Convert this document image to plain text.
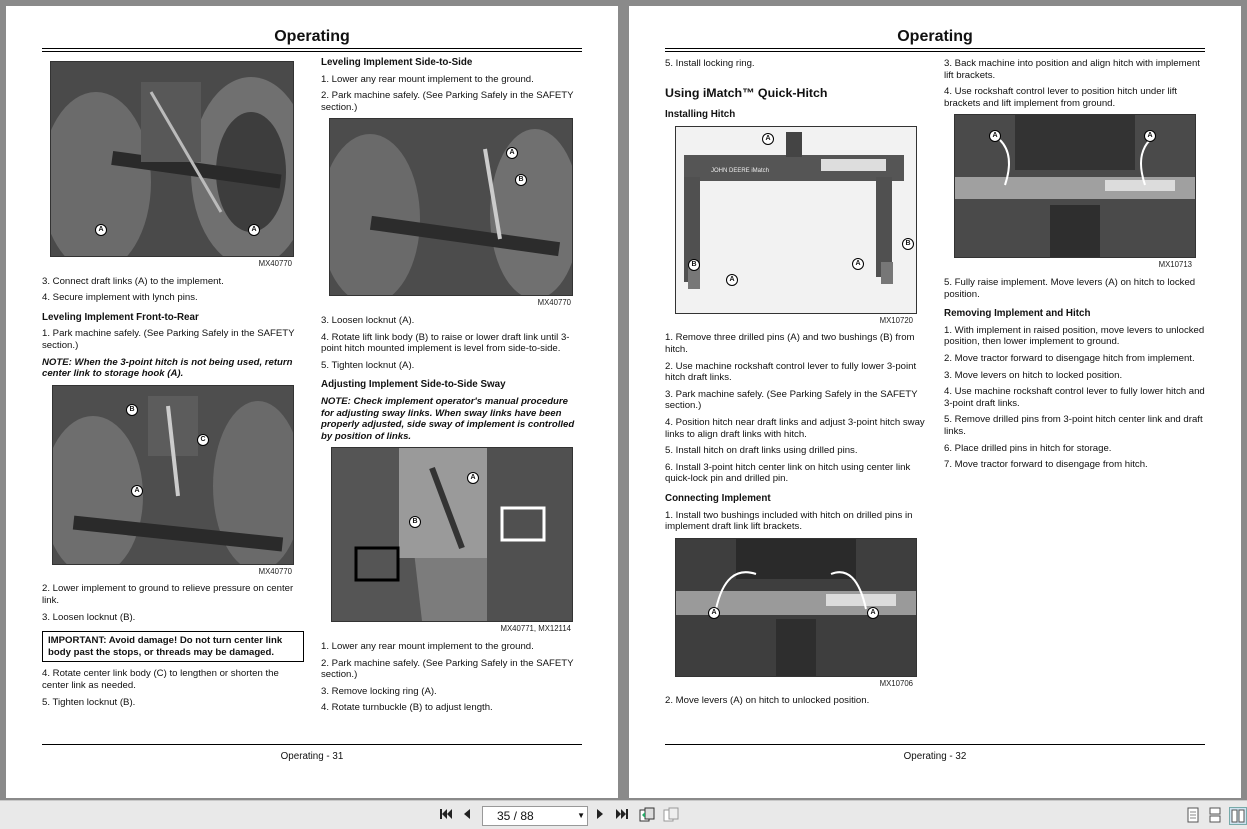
Operating
A	A
MX40770

3. Connect draft links (A) to the implement.

4. Secure implement with lynch pins.

Leveling Implement Front-to-Rear

1. Park machine safely. (See Parking Safely in the SAFETY section.)

NOTE: When the 3-point hitch is not being used, return center link to storage hook (A).

B
C
A
MX40770

2. Lower implement to ground to relieve pressure on center link.

3. Loosen locknut (B).

IMPORTANT: Avoid damage! Do not turn center link body past the stops, or threads may be damaged.

4. Rotate center link body (C) to lengthen or shorten the center link as needed.

5. Tighten locknut (B).

Leveling Implement Side-to-Side

1. Lower any rear mount implement to the ground.

2. Park machine safely. (See Parking Safely in the SAFETY section.)

A
B
MX40770

3. Loosen locknut (A).

4. Rotate lift link body (B) to raise or lower draft link until 3-point hitch mounted implement is level from side-to-side.

5. Tighten locknut (A).

Adjusting Implement Side-to-Side Sway

NOTE: Check implement operator's manual procedure for adjusting sway links. When sway links have been properly adjusted, side sway of implement is controlled by position of links.

A
B
MX40771, MX12114

1. Lower any rear mount implement to the ground.

2. Park machine safely. (See Parking Safely in the SAFETY section.)

3. Remove locking ring (A).

4. Rotate turnbuckle (B) to adjust length.

Operating - 31
Operating

5. Install locking ring.

Using iMatch™ Quick-Hitch
Installing Hitch
JOHN DEERE iMatch
A
B
A
B
A
MX10720

1. Remove three drilled pins (A) and two bushings (B) from hitch.

2. Use machine rockshaft control lever to fully lower 3-point hitch draft links.

3. Park machine safely. (See Parking Safely in the SAFETY section.)

4. Position hitch near draft links and adjust 3-point hitch sway links to align draft links with hitch.

5. Install hitch on draft links using drilled pins.

6. Install 3-point hitch center link on hitch using center link quick-lock pin and drilled pin.

Connecting Implement

1. Install two bushings included with hitch on drilled pins in implement draft link lift brackets.

A	A
MX10706

2. Move levers (A) on hitch to unlocked position.

3. Back machine into position and align hitch with implement lift brackets.

4. Use rockshaft control lever to position hitch under lift brackets and lift implement from ground.

A	A
MX10713

5. Fully raise implement. Move levers (A) on hitch to locked position.

Removing Implement and Hitch

1. With implement in raised position, move levers to unlocked position, then lower implement to ground.

2. Move tractor forward to disengage hitch from implement.

3. Move levers on hitch to locked position.

4. Use machine rockshaft control lever to fully lower hitch and 3-point draft links.

5. Remove drilled pins from 3-point hitch center link and draft links.

6. Place drilled pins in hitch for storage.

7. Move tractor forward to disengage from hitch.

Operating - 32
35 / 88	▼
